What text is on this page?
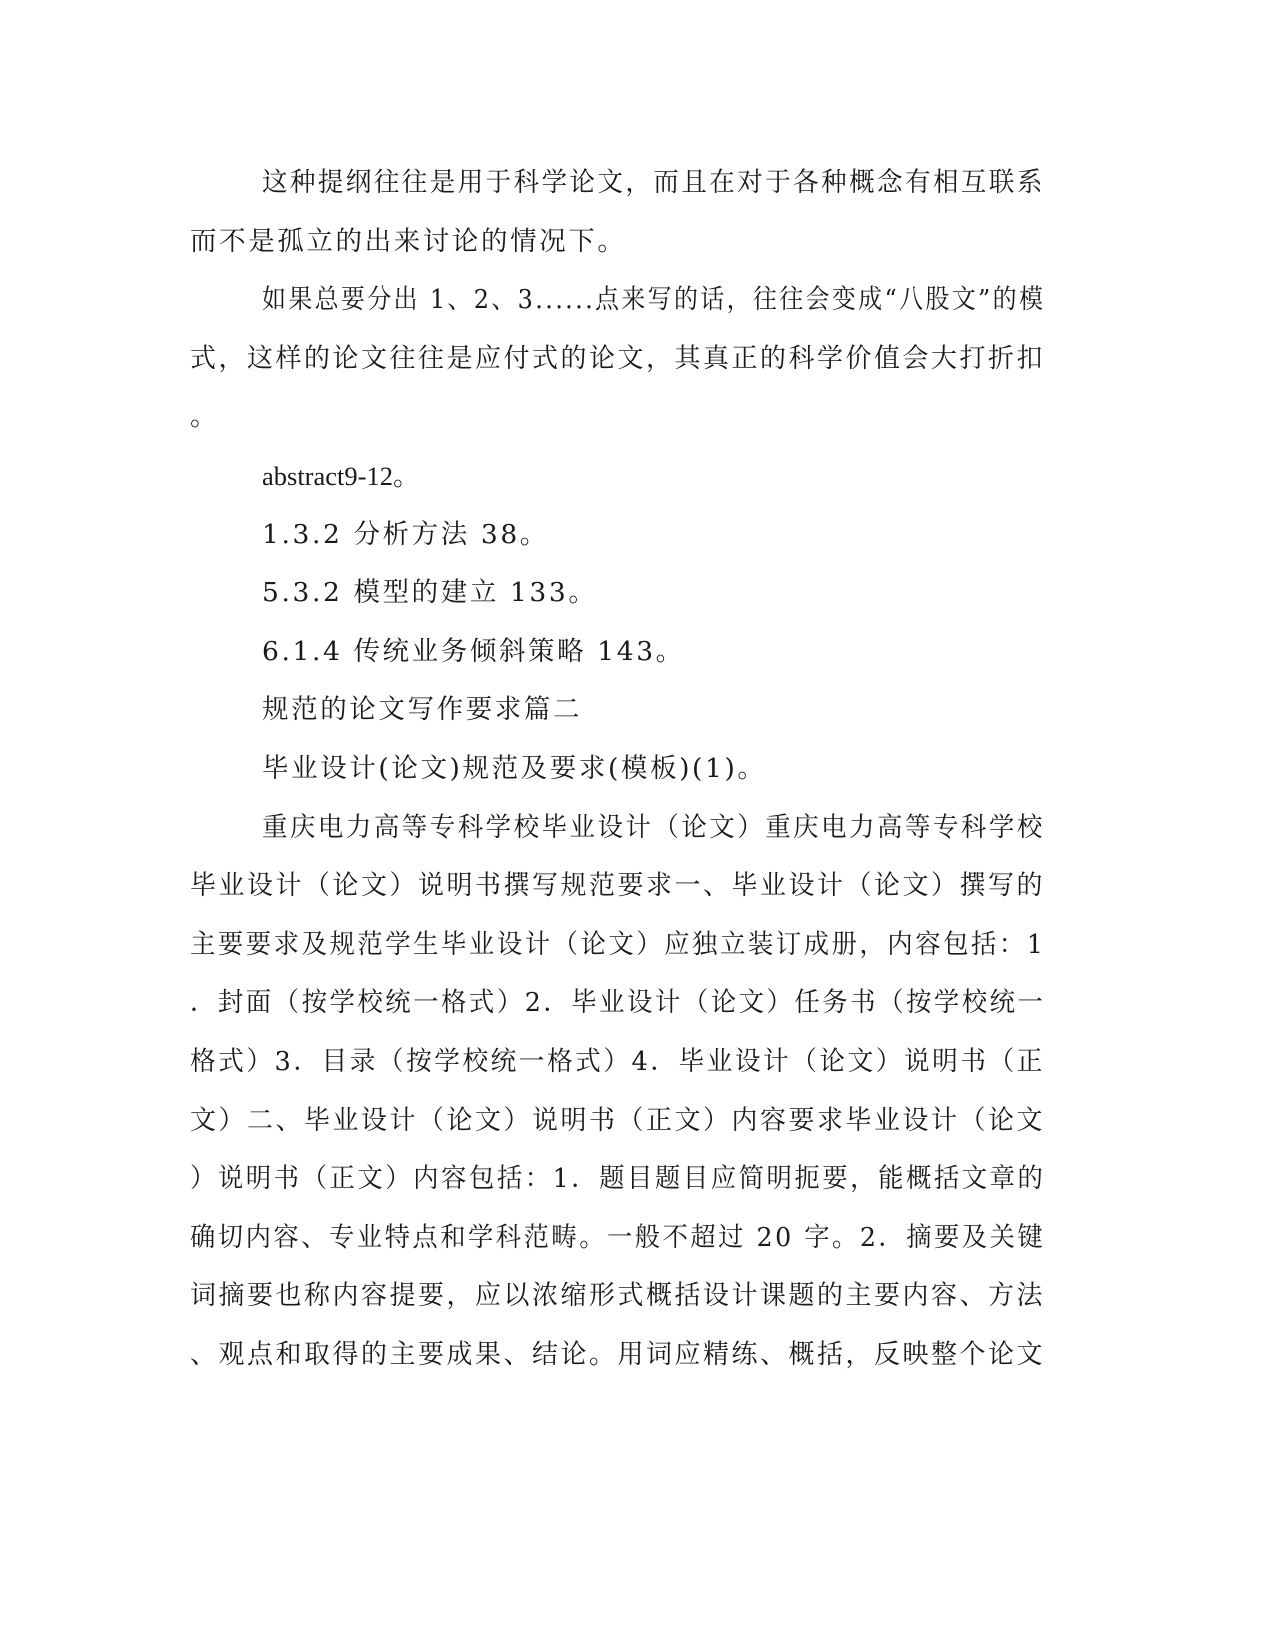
这种提纲往往是用于科学论文，而且在对于各种概念有相互联系
而不是孤立的出来讨论的情况下。
如果总要分出 1、2、3......点来写的话，往往会变成“八股文”的模
式，这样的论文往往是应付式的论文，其真正的科学价值会大打折扣
。
abstract9-12。
1.3.2 分析方法 38。
5.3.2 模型的建立 133。
6.1.4 传统业务倾斜策略 143。
规范的论文写作要求篇二
毕业设计(论文)规范及要求(模板)(1)。
重庆电力高等专科学校毕业设计（论文）重庆电力高等专科学校
毕业设计（论文）说明书撰写规范要求一、毕业设计（论文）撰写的
主要要求及规范学生毕业设计（论文）应独立装订成册，内容包括：1
．封面（按学校统一格式）2．毕业设计（论文）任务书（按学校统一
格式）3．目录（按学校统一格式）4．毕业设计（论文）说明书（正
文）二、毕业设计（论文）说明书（正文）内容要求毕业设计（论文
）说明书（正文）内容包括：1．题目题目应简明扼要，能概括文章的
确切内容、专业特点和学科范畴。一般不超过 20 字。2．摘要及关键
词摘要也称内容提要，应以浓缩形式概括设计课题的主要内容、方法
、观点和取得的主要成果、结论。用词应精练、概括，反映整个论文
